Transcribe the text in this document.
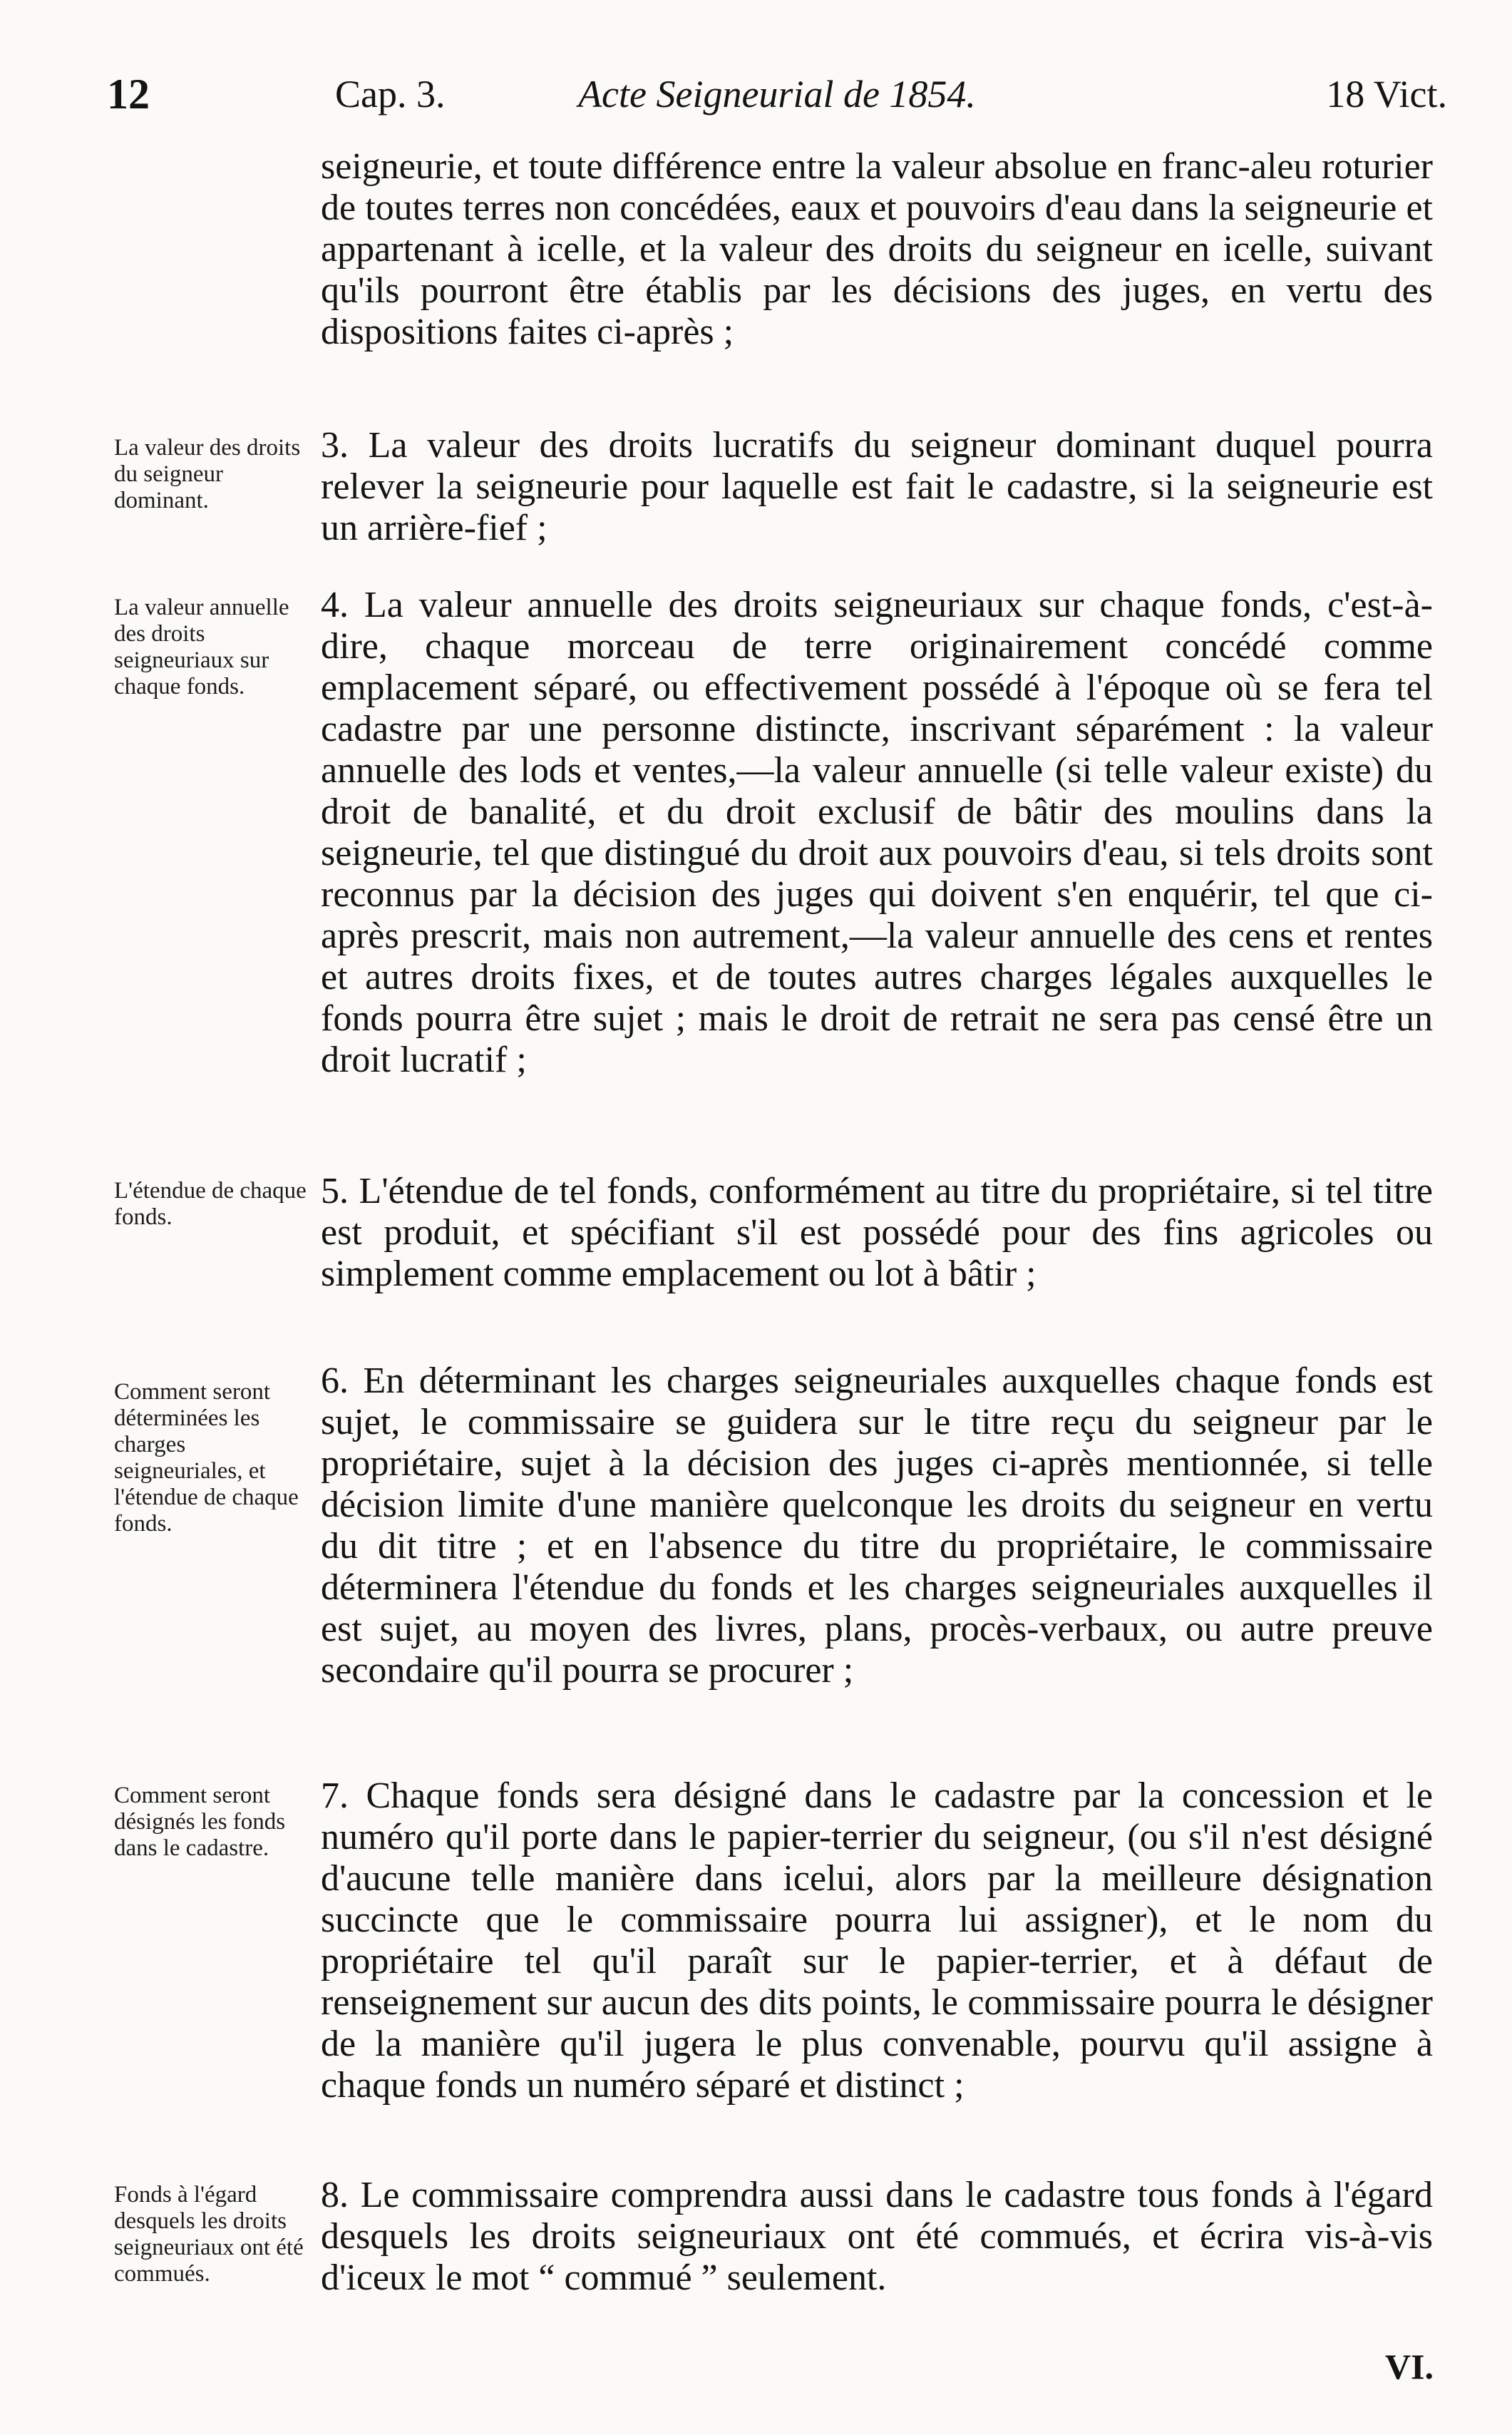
12	Cap. 3.	Acte Seigneurial de 1854.	18 Vict.
seigneurie, et toute différence entre la valeur absolue en franc-aleu roturier de toutes terres non concédées, eaux et pouvoirs d'eau dans la seigneurie et appartenant à icelle, et la valeur des droits du seigneur en icelle, suivant qu'ils pourront être établis par les décisions des juges, en vertu des dispositions faites ci-après ;
La valeur des droits du seigneur dominant.
3. La valeur des droits lucratifs du seigneur dominant duquel pourra relever la seigneurie pour laquelle est fait le cadastre, si la seigneurie est un arrière-fief ;
La valeur annuelle des droits seigneuriaux sur chaque fonds.
4. La valeur annuelle des droits seigneuriaux sur chaque fonds, c'est-à-dire, chaque morceau de terre originairement concédé comme emplacement séparé, ou effectivement possédé à l'époque où se fera tel cadastre par une personne distincte, inscrivant séparément : la valeur annuelle des lods et ventes,—la valeur annuelle (si telle valeur existe) du droit de banalité, et du droit exclusif de bâtir des moulins dans la seigneurie, tel que distingué du droit aux pouvoirs d'eau, si tels droits sont reconnus par la décision des juges qui doivent s'en enquérir, tel que ci-après prescrit, mais non autrement,—la valeur annuelle des cens et rentes et autres droits fixes, et de toutes autres charges légales auxquelles le fonds pourra être sujet ; mais le droit de retrait ne sera pas censé être un droit lucratif ;
L'étendue de chaque fonds.
5. L'étendue de tel fonds, conformément au titre du propriétaire, si tel titre est produit, et spécifiant s'il est possédé pour des fins agricoles ou simplement comme emplacement ou lot à bâtir ;
Comment seront déterminées les charges seigneuriales, et l'étendue de chaque fonds.
6. En déterminant les charges seigneuriales auxquelles chaque fonds est sujet, le commissaire se guidera sur le titre reçu du seigneur par le propriétaire, sujet à la décision des juges ci-après mentionnée, si telle décision limite d'une manière quelconque les droits du seigneur en vertu du dit titre ; et en l'absence du titre du propriétaire, le commissaire déterminera l'étendue du fonds et les charges seigneuriales auxquelles il est sujet, au moyen des livres, plans, procès-verbaux, ou autre preuve secondaire qu'il pourra se procurer ;
Comment seront désignés les fonds dans le cadastre.
7. Chaque fonds sera désigné dans le cadastre par la concession et le numéro qu'il porte dans le papier-terrier du seigneur, (ou s'il n'est désigné d'aucune telle manière dans icelui, alors par la meilleure désignation succincte que le commissaire pourra lui assigner), et le nom du propriétaire tel qu'il paraît sur le papier-terrier, et à défaut de renseignement sur aucun des dits points, le commissaire pourra le désigner de la manière qu'il jugera le plus convenable, pourvu qu'il assigne à chaque fonds un numéro séparé et distinct ;
Fonds à l'égard desquels les droits seigneuriaux ont été commués.
8. Le commissaire comprendra aussi dans le cadastre tous fonds à l'égard desquels les droits seigneuriaux ont été commués, et écrira vis-à-vis d'iceux le mot “ commué ” seulement.
VI.
